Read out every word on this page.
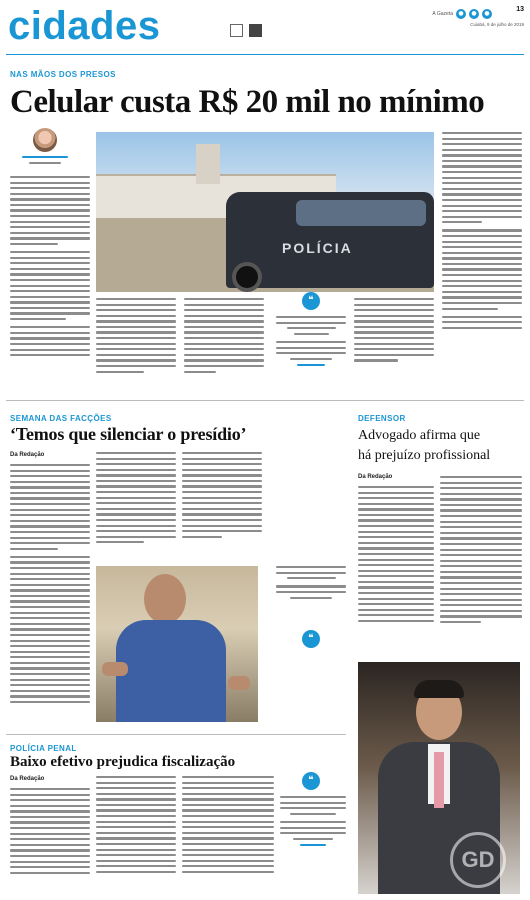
cidades	A Gazeta ●	●	●
13
Cuiabá, 9 de julho de 2019
NAS MÃOS DOS PRESOS
Celular custa R$ 20 mil no mínimo
POLÍCIA
❝
SEMANA DAS FACÇÕES
‘Temos que silenciar o presídio’
Da Redação
❝
DEFENSOR
Advogado afirma que
há prejuízo profissional
Da Redação
GD
POLÍCIA PENAL
Baixo efetivo prejudica fiscalização
Da Redação	❝
